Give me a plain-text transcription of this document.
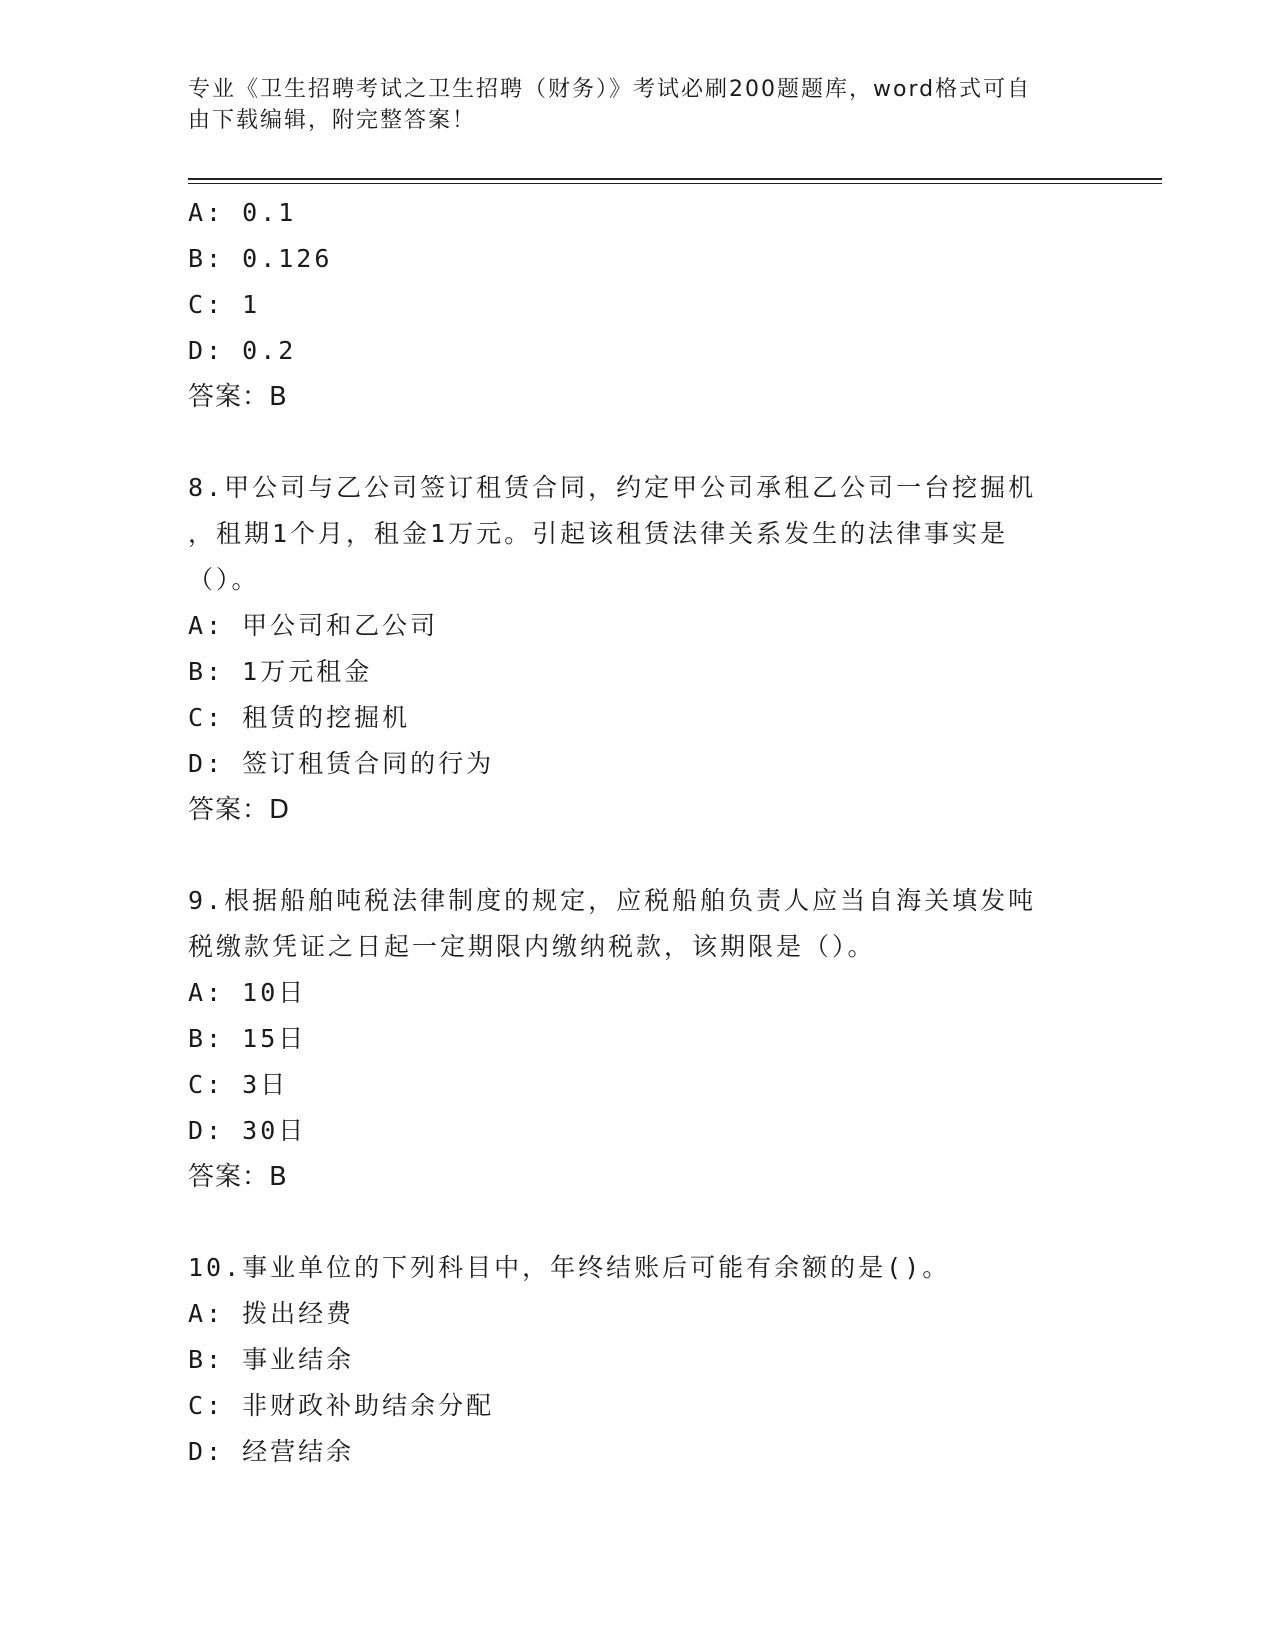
专业《卫生招聘考试之卫生招聘（财务）》考试必刷200题题库，word格式可自
由下载编辑，附完整答案！
A: 0.1
B: 0.126
C: 1
D: 0.2
答案：B
8.甲公司与乙公司签订租赁合同，约定甲公司承租乙公司一台挖掘机
，租期1个月，租金1万元。引起该租赁法律关系发生的法律事实是
（）。
A: 甲公司和乙公司
B: 1万元租金
C: 租赁的挖掘机
D: 签订租赁合同的行为
答案：D
9.根据船舶吨税法律制度的规定，应税船舶负责人应当自海关填发吨
税缴款凭证之日起一定期限内缴纳税款，该期限是（）。
A: 10日
B: 15日
C: 3日
D: 30日
答案：B
10.事业单位的下列科目中，年终结账后可能有余额的是()。
A: 拨出经费
B: 事业结余
C: 非财政补助结余分配
D: 经营结余
